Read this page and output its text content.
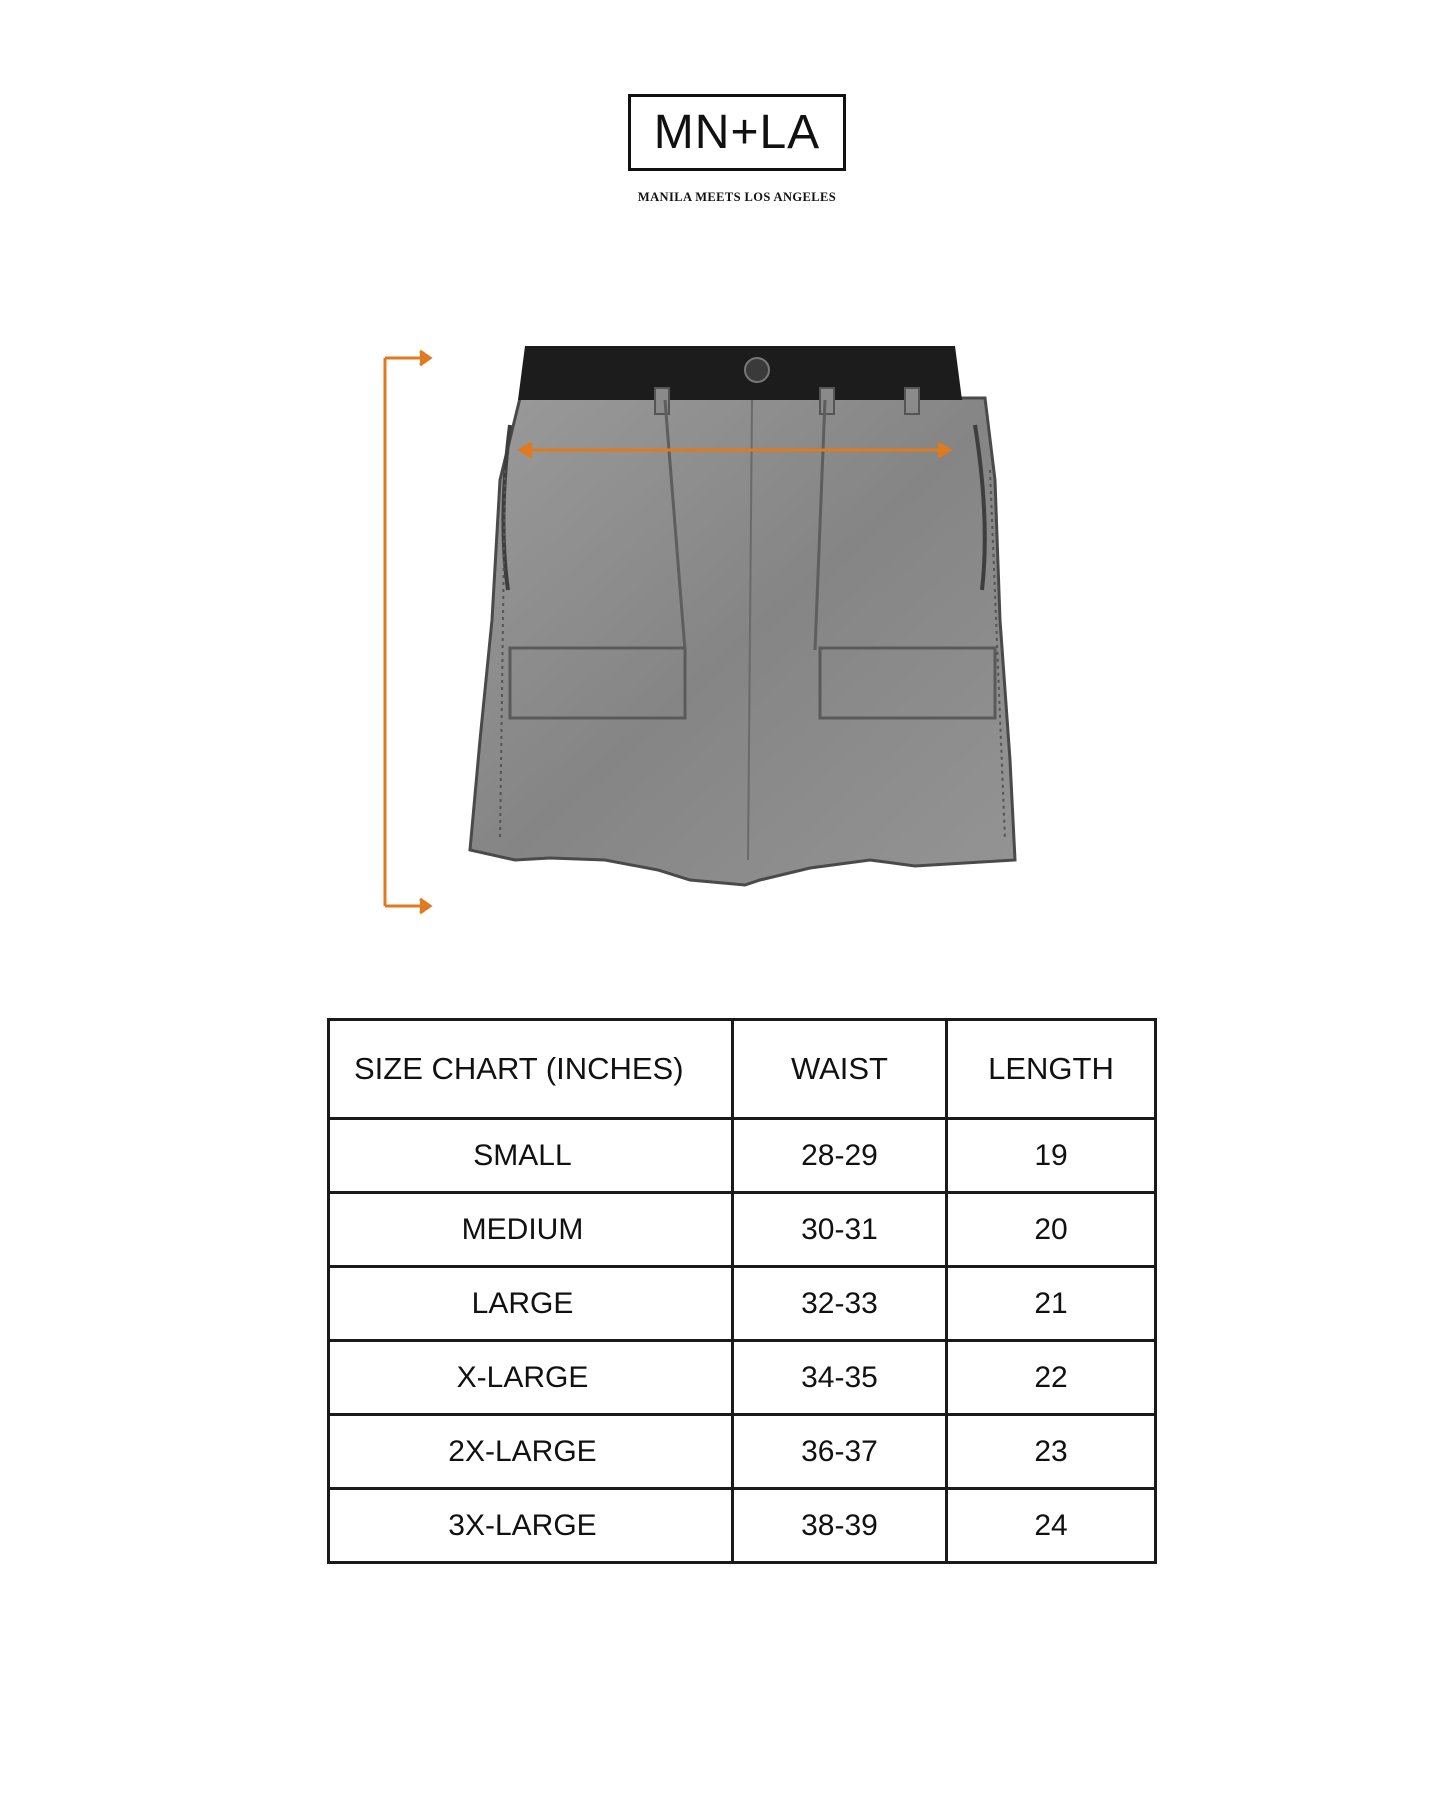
MN+LA
MANILA MEETS LOS ANGELES
SIZE CHART (INCHES)	WAIST	LENGTH
SMALL	28-29	19
MEDIUM	30-31	20
LARGE	32-33	21
X-LARGE	34-35	22
2X-LARGE	36-37	23
3X-LARGE	38-39	24
